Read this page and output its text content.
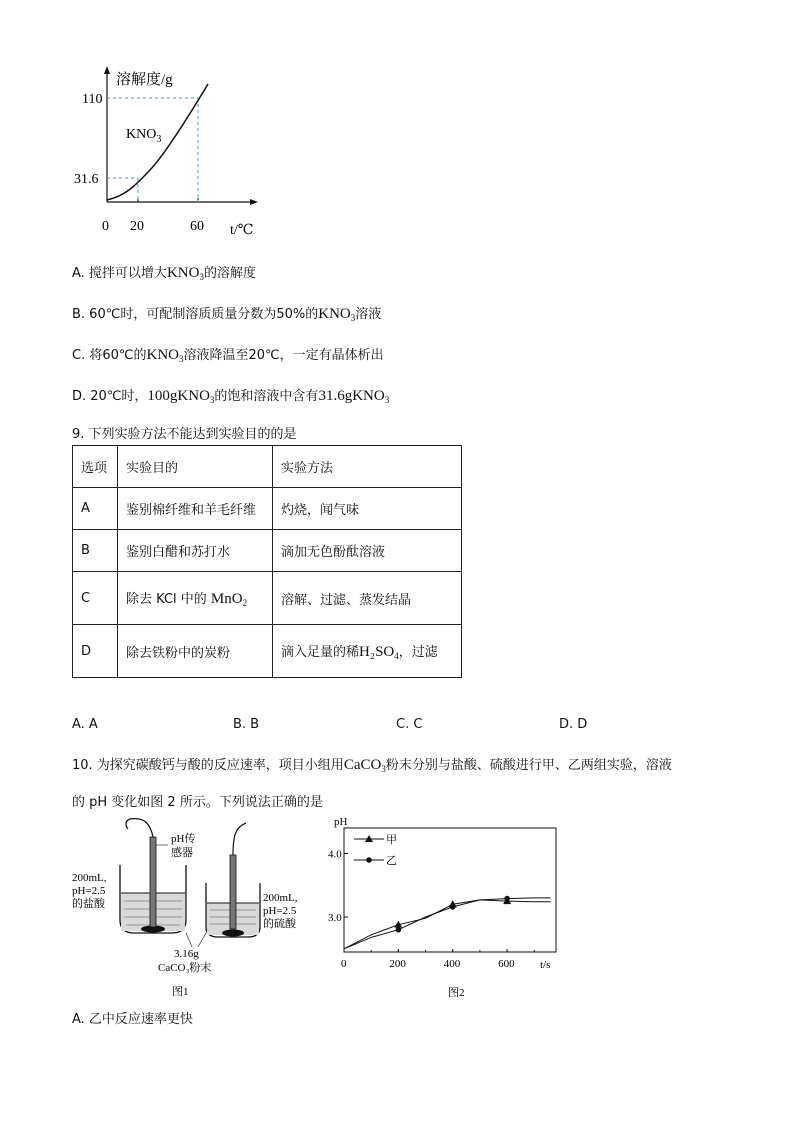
溶解度/g
110
31.6
0 20	60 t/℃
$KNO_3$
A. 搅拌可以增大$KNO_3$的溶解度
B. 60℃时，可配制溶质质量分数为50%的$KNO_3$溶液
C. 将60℃的$KNO_3$溶液降温至20℃，一定有晶体析出
D. 20℃时，100gKNO$_3$的饱和溶液中含有31.6gKNO$_3$
9. 下列实验方法不能达到实验目的的是
选项	实验目的	实验方法
A	鉴别棉纤维和羊毛纤维	灼烧，闻气味
B	鉴别白醋和苏打水	滴加无色酚酞溶液
C	除去 KCl 中的 MnO$_2$	溶解、过滤、蒸发结晶
D	除去铁粉中的炭粉	滴入足量的稀$H_2SO_4$，过滤
A. A	B. B	C. C	D. D
10. 为探究碳酸钙与酸的反应速率，项目小组用CaCO$_3$粉末分别与盐酸、硫酸进行甲、乙两组实验，溶液
的 pH 变化如图 2 所示。下列说法正确的是
pH传
感器
200mL,
pH=2.5
的盐酸	200mL,
pH=2.5
的硫酸
3.16g
CaCO₃粉末
图1
0	200	400	600
4.0
3.0
pH
t/s
图2
甲
乙
A. 乙中反应速率更快
